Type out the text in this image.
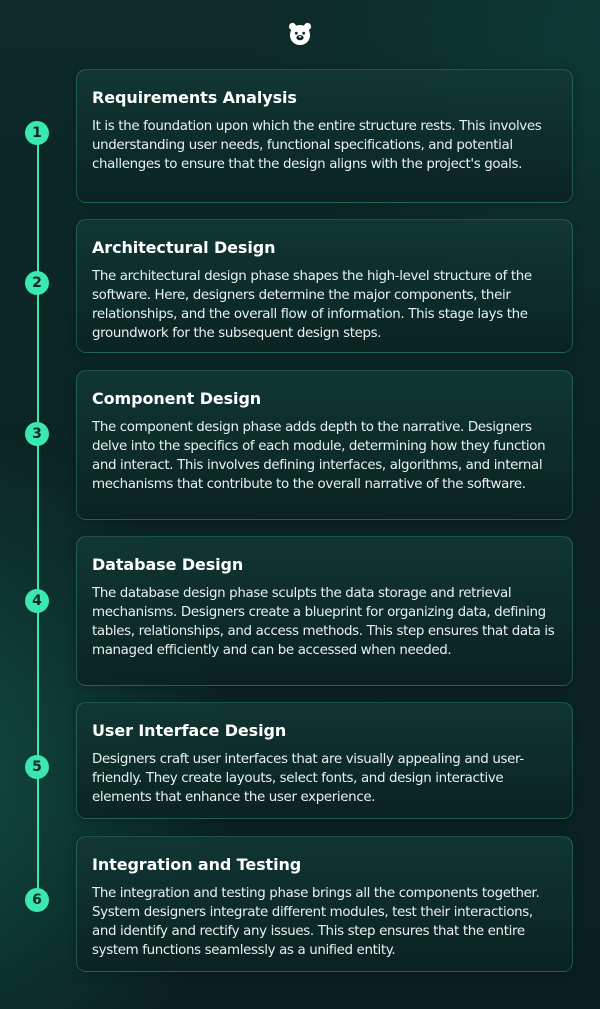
1
2
3
4
5
6
Requirements Analysis

It is the foundation upon which the entire structure rests. This involves understanding user needs, functional specifications, and potential challenges to ensure that the design aligns with the project's goals.

Architectural Design

The architectural design phase shapes the high-level structure of the software. Here, designers determine the major components, their relationships, and the overall flow of information. This stage lays the groundwork for the subsequent design steps.

Component Design

The component design phase adds depth to the narrative. Designers delve into the specifics of each module, determining how they function and interact. This involves defining interfaces, algorithms, and internal mechanisms that contribute to the overall narrative of the software.

Database Design

The database design phase sculpts the data storage and retrieval mechanisms. Designers create a blueprint for organizing data, defining tables, relationships, and access methods. This step ensures that data is managed efficiently and can be accessed when needed.

User Interface Design

Designers craft user interfaces that are visually appealing and user-friendly. They create layouts, select fonts, and design interactive elements that enhance the user experience.

Integration and Testing

The integration and testing phase brings all the components together. System designers integrate different modules, test their interactions, and identify and rectify any issues. This step ensures that the entire system functions seamlessly as a unified entity.
